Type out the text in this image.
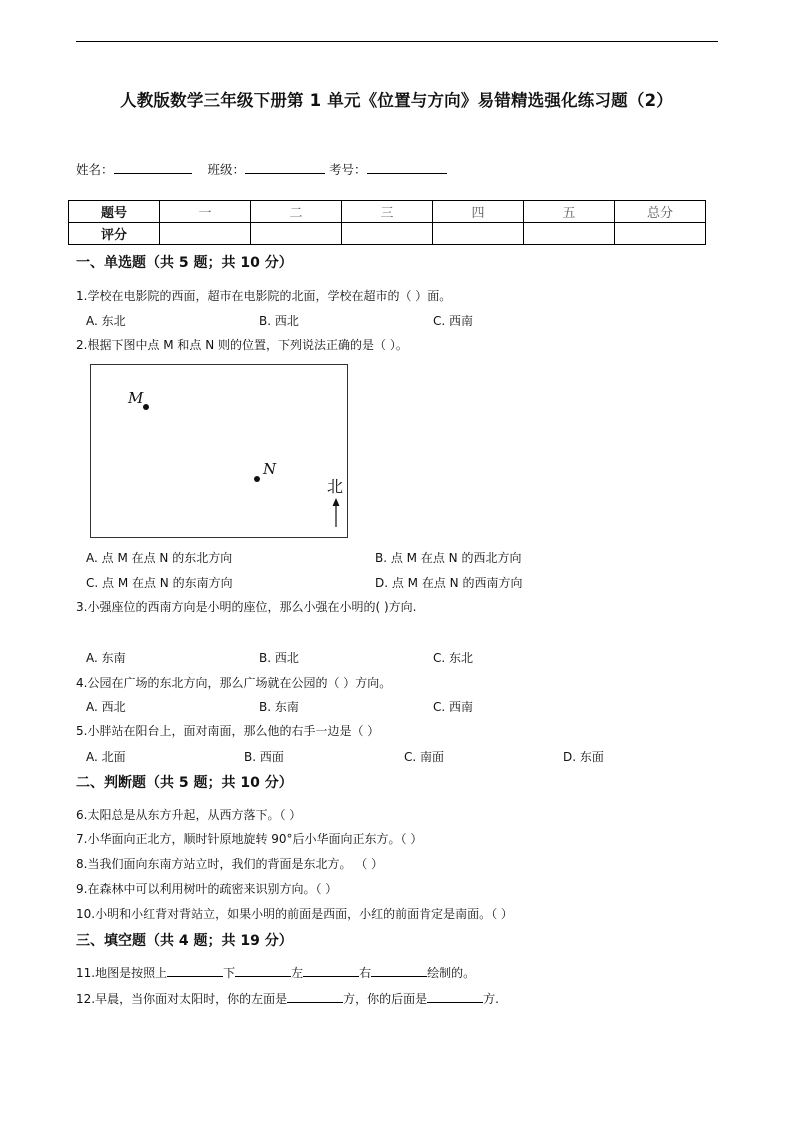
人教版数学三年级下册第 1 单元《位置与方向》易错精选强化练习题（2）
姓名：	班级：	考号：
题号	一	二	三	四	五	总分
评分						
一、单选题（共 5 题；共 10 分）
1.学校在电影院的西面，超市在电影院的北面，学校在超市的（ ）面。
A. 东北	B. 西北	C. 西南
2.根据下图中点 M 和点 N 则的位置，下列说法正确的是（ ）。
M
N
北
A. 点 M 在点 N 的东北方向	B. 点 M 在点 N 的西北方向
C. 点 M 在点 N 的东南方向	D. 点 M 在点 N 的西南方向
3.小强座位的西南方向是小明的座位，那么小强在小明的( )方向.
A. 东南	B. 西北	C. 东北
4.公园在广场的东北方向，那么广场就在公园的（ ）方向。
A. 西北	B. 东南	C. 西南
5.小胖站在阳台上，面对南面，那么他的右手一边是（ ）
A. 北面	B. 西面	C. 南面	D. 东面
二、判断题（共 5 题；共 10 分）
6.太阳总是从东方升起，从西方落下。（ ）
7.小华面向正北方，顺时针原地旋转 90°后小华面向正东方。（ ）
8.当我们面向东南方站立时，我们的背面是东北方。 （ ）
9.在森林中可以利用树叶的疏密来识别方向。（ ）
10.小明和小红背对背站立，如果小明的前面是西面，小红的前面肯定是南面。（ ）
三、填空题（共 4 题；共 19 分）
11.地图是按照上	下	左	右	绘制的。
12.早晨，当你面对太阳时，你的左面是	方，你的后面是	方.
